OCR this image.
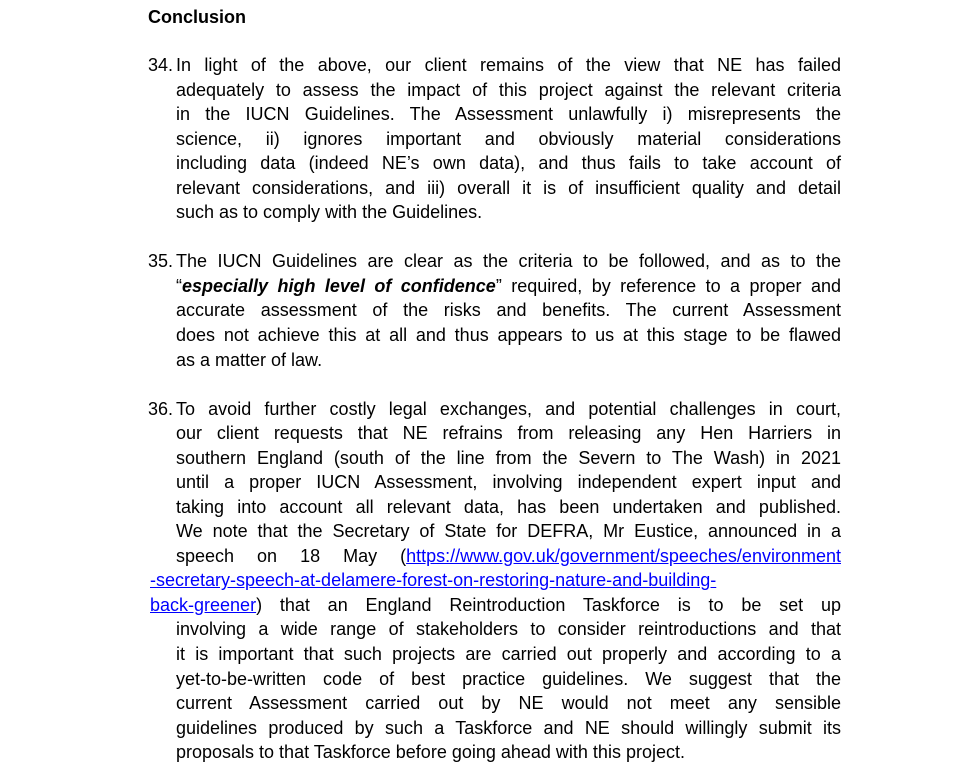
Conclusion
34. In light of the above, our client remains of the view that NE has failed
adequately to assess the impact of this project against the relevant criteria
in the IUCN Guidelines. The Assessment unlawfully i) misrepresents the
science, ii) ignores important and obviously material considerations
including data (indeed NE’s own data), and thus fails to take account of
relevant considerations, and iii) overall it is of insufficient quality and detail
such as to comply with the Guidelines.
35. The IUCN Guidelines are clear as the criteria to be followed, and as to the
“especially high level of confidence” required, by reference to a proper and
accurate assessment of the risks and benefits. The current Assessment
does not achieve this at all and thus appears to us at this stage to be flawed
as a matter of law.
36. To avoid further costly legal exchanges, and potential challenges in court,
our client requests that NE refrains from releasing any Hen Harriers in
southern England (south of the line from the Severn to The Wash) in 2021
until a proper IUCN Assessment, involving independent expert input and
taking into account all relevant data, has been undertaken and published.
We note that the Secretary of State for DEFRA, Mr Eustice, announced in a
speech on 18 May (https://www.gov.uk/government/speeches/environment
-secretary-speech-at-delamere-forest-on-restoring-nature-and-building-
back-greener) that an England Reintroduction Taskforce is to be set up
involving a wide range of stakeholders to consider reintroductions and that
it is important that such projects are carried out properly and according to a
yet-to-be-written code of best practice guidelines. We suggest that the
current Assessment carried out by NE would not meet any sensible
guidelines produced by such a Taskforce and NE should willingly submit its
proposals to that Taskforce before going ahead with this project.
